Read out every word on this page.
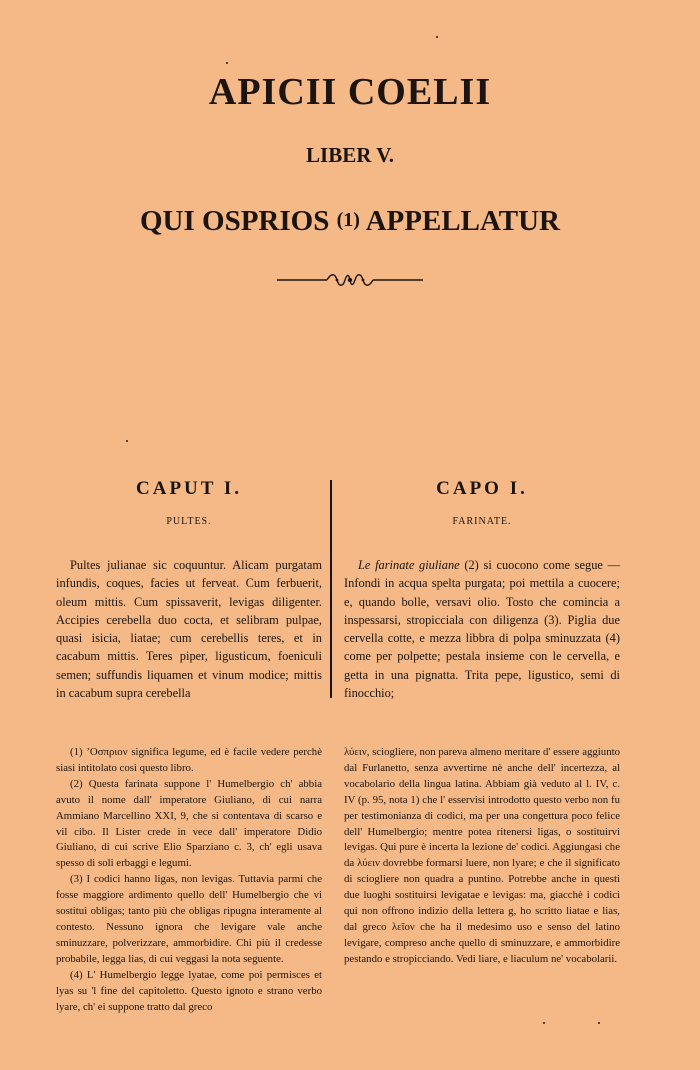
APICII COELII
LIBER V.
QUI OSPRIOS (1) APPELLATUR
CAPUT I.
PULTES.

Pultes julianae sic coquuntur. Alicam purgatam infundis, coques, facies ut ferveat. Cum ferbuerit, oleum mittis. Cum spissaverit, levigas diligenter. Accipies cerebella duo cocta, et selibram pulpae, quasi isicia, liatae; cum cerebellis teres, et in cacabum mittis. Teres piper, ligusticum, foeniculi semen; suffundis liquamen et vinum modice; mittis in cacabum supra cerebella

CAPO I.
FARINATE.

Le farinate giuliane (2) si cuocono come segue — Infondi in acqua spelta purgata; poi mettila a cuocere; e, quando bolle, versavi olio. Tosto che comincia a inspessarsi, stropicciala con diligenza (3). Piglia due cervella cotte, e mezza libbra di polpa sminuzzata (4) come per polpette; pestala insieme con le cervella, e getta in una pignatta. Trita pepe, ligustico, semi di finocchio;

(1) ʼΟσπριον significa legume, ed è facile vedere perchè siasi intitolato così questo libro.

(2) Questa farinata suppone l' Humelbergio ch' abbia avuto il nome dall' imperatore Giuliano, di cui narra Ammiano Marcellino XXI, 9, che si contentava di scarso e vil cibo. Il Lister crede in vece dall' imperatore Didio Giuliano, di cui scrive Elio Sparziano c. 3, ch' egli usava spesso di soli erbaggi e legumi.

(3) I codici hanno ligas, non levigas. Tuttavia parmi che fosse maggiore ardimento quello dell' Humelbergio che vi sostituì obligas; tanto più che obligas ripugna interamente al contesto. Nessuno ignora che levigare vale anche sminuzzare, polverizzare, ammorbidire. Chi più il credesse probabile, legga lias, di cui veggasi la nota seguente.

(4) L' Humelbergio legge lyatae, come poi permisces et lyas su 'l fine del capitoletto. Questo ignoto e strano verbo lyare, ch' ei suppone tratto dal greco

λύειν, sciogliere, non pareva almeno meritare d' essere aggiunto dal Furlanetto, senza avvertirne nè anche dell' incertezza, al vocabolario della lingua latina. Abbiam già veduto al l. IV, c. IV (p. 95, nota 1) che l' esservisi introdotto questo verbo non fu per testimonianza di codici, ma per una congettura poco felice dell' Humelbergio; mentre potea ritenersi ligas, o sostituirvi levigas. Qui pure è incerta la lezione de' codici. Aggiungasi che da λύειν dovrebbe formarsi luere, non lyare; e che il significato di sciogliere non quadra a puntino. Potrebbe anche in questi due luoghi sostituirsi levigatae e levigas: ma, giacchè i codici qui non offrono indizio della lettera g, ho scritto liatae e lias, dal greco λεῖον che ha il medesimo uso e senso del latino levigare, compreso anche quello di sminuzzare, e ammorbidire pestando e stropicciando. Vedi liare, e liaculum ne' vocabolarii.
